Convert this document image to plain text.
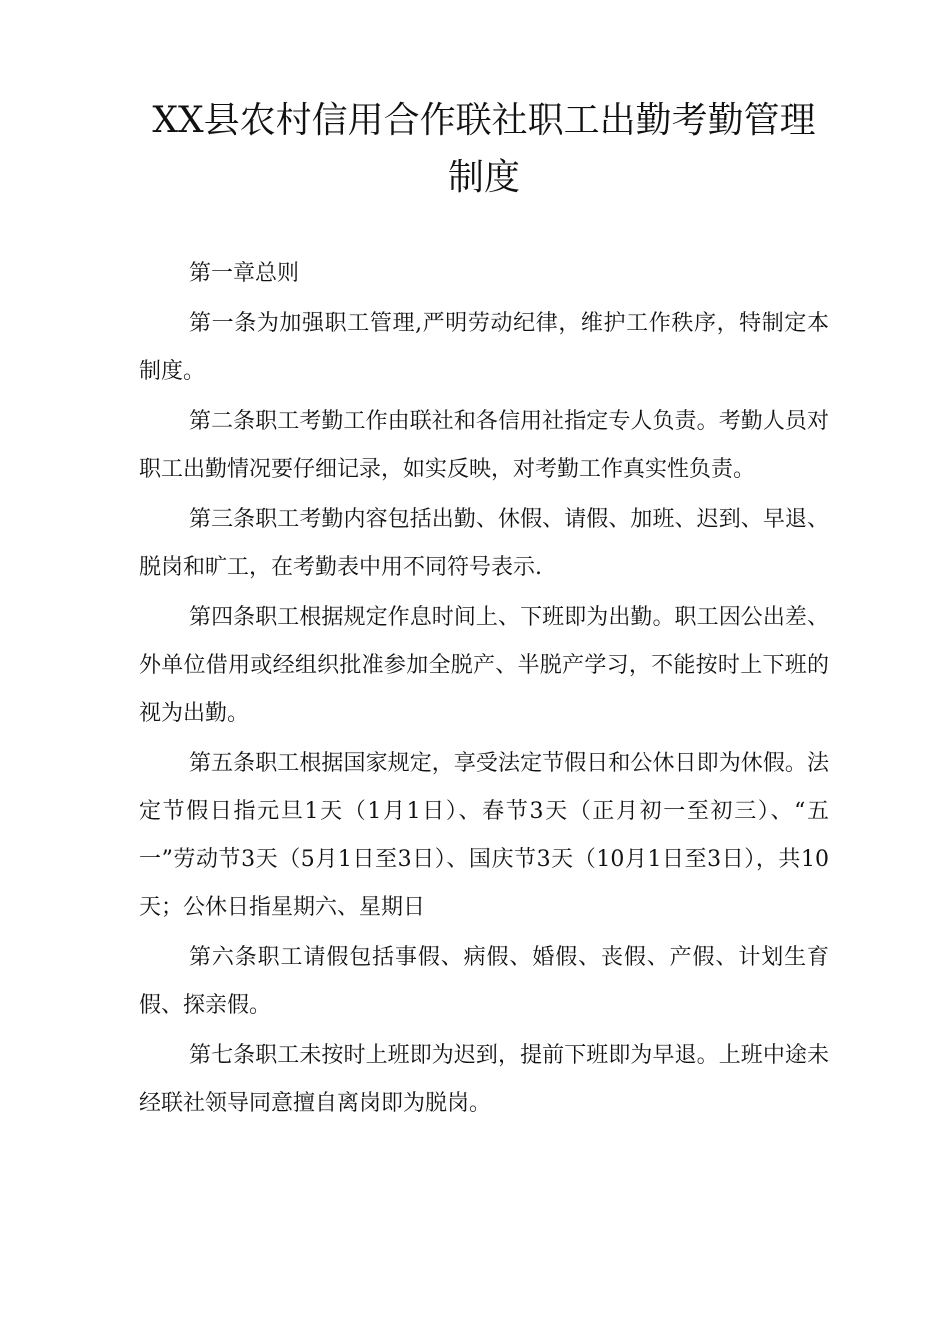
XX县农村信用合作联社职工出勤考勤管理制度

第一章总则

第一条为加强职工管理,严明劳动纪律，维护工作秩序，特制定本制度。

第二条职工考勤工作由联社和各信用社指定专人负责。考勤人员对职工出勤情况要仔细记录，如实反映，对考勤工作真实性负责。

第三条职工考勤内容包括出勤、休假、请假、加班、迟到、早退、脱岗和旷工，在考勤表中用不同符号表示.

第四条职工根据规定作息时间上、下班即为出勤。职工因公出差、外单位借用或经组织批准参加全脱产、半脱产学习，不能按时上下班的视为出勤。

第五条职工根据国家规定，享受法定节假日和公休日即为休假。法定节假日指元旦1天（1月1日）、春节3天（正月初一至初三）、“五一”劳动节3天（5月1日至3日）、国庆节3天（10月1日至3日），共10天；公休日指星期六、星期日

第六条职工请假包括事假、病假、婚假、丧假、产假、计划生育假、探亲假。

第七条职工未按时上班即为迟到，提前下班即为早退。上班中途未经联社领导同意擅自离岗即为脱岗。
